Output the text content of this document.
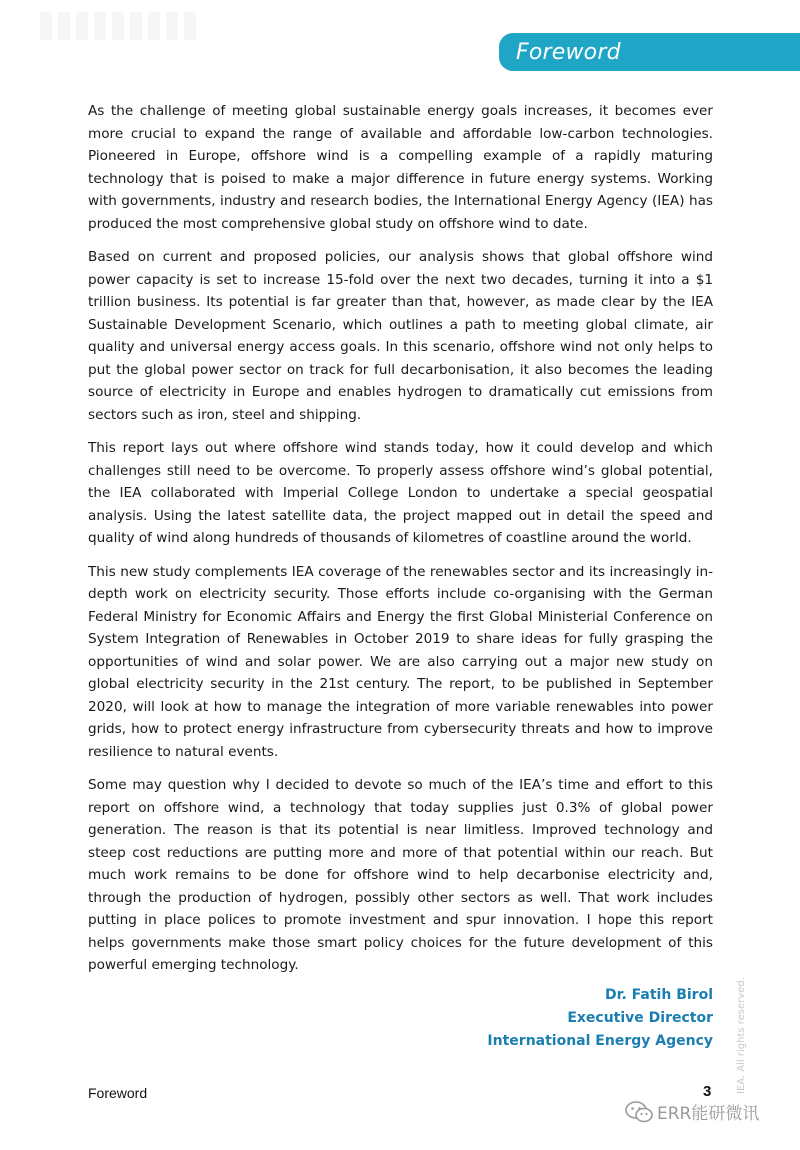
Foreword

As the challenge of meeting global sustainable energy goals increases, it becomes ever more crucial to expand the range of available and affordable low-carbon technologies. Pioneered in Europe, offshore wind is a compelling example of a rapidly maturing technology that is poised to make a major difference in future energy systems. Working with governments, industry and research bodies, the International Energy Agency (IEA) has produced the most comprehensive global study on offshore wind to date.

Based on current and proposed policies, our analysis shows that global offshore wind power capacity is set to increase 15-fold over the next two decades, turning it into a $1 trillion business. Its potential is far greater than that, however, as made clear by the IEA Sustainable Development Scenario, which outlines a path to meeting global climate, air quality and universal energy access goals. In this scenario, offshore wind not only helps to put the global power sector on track for full decarbonisation, it also becomes the leading source of electricity in Europe and enables hydrogen to dramatically cut emissions from sectors such as iron, steel and shipping.

This report lays out where offshore wind stands today, how it could develop and which challenges still need to be overcome. To properly assess offshore wind’s global potential, the IEA collaborated with Imperial College London to undertake a special geospatial analysis. Using the latest satellite data, the project mapped out in detail the speed and quality of wind along hundreds of thousands of kilometres of coastline around the world.

This new study complements IEA coverage of the renewables sector and its increasingly in-depth work on electricity security. Those efforts include co-organising with the German Federal Ministry for Economic Affairs and Energy the first Global Ministerial Conference on System Integration of Renewables in October 2019 to share ideas for fully grasping the opportunities of wind and solar power. We are also carrying out a major new study on global electricity security in the 21st century. The report, to be published in September 2020, will look at how to manage the integration of more variable renewables into power grids, how to protect energy infrastructure from cybersecurity threats and how to improve resilience to natural events.

Some may question why I decided to devote so much of the IEA’s time and effort to this report on offshore wind, a technology that today supplies just 0.3% of global power generation. The reason is that its potential is near limitless. Improved technology and steep cost reductions are putting more and more of that potential within our reach. But much work remains to be done for offshore wind to help decarbonise electricity and, through the production of hydrogen, possibly other sectors as well. That work includes putting in place polices to promote investment and spur innovation. I hope this report helps governments make those smart policy choices for the future development of this powerful emerging technology.

Dr. Fatih Birol
Executive Director
International Energy Agency
Foreword	3 IEA. All rights reserved.
ERR能研微讯
